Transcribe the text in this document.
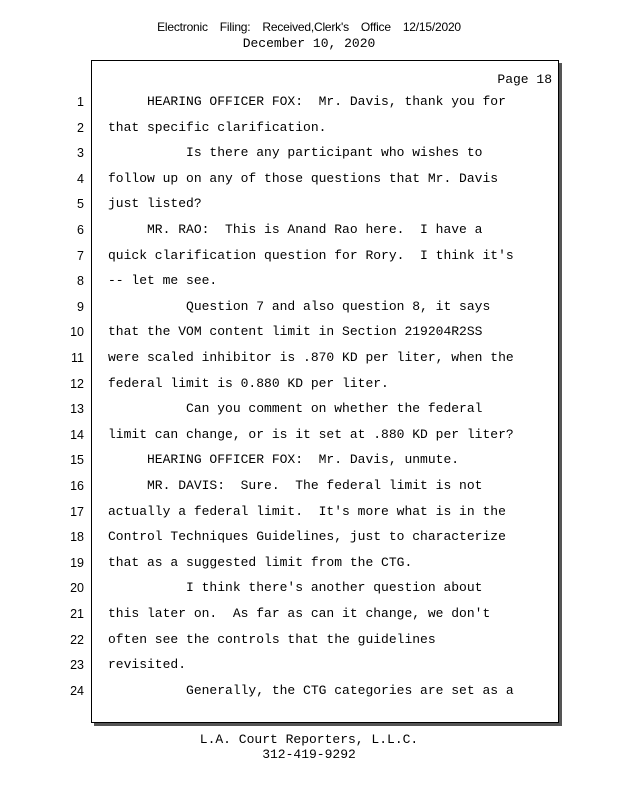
Electronic Filing: Received,Clerk's Office 12/15/2020
December 10, 2020
Page 18
1 HEARING OFFICER FOX:  Mr. Davis, thank you for
2 that specific clarification.
3 Is there any participant who wishes to
4 follow up on any of those questions that Mr. Davis
5 just listed?
6 MR. RAO:  This is Anand Rao here.  I have a
7 quick clarification question for Rory.  I think it's
8 -- let me see.
9 Question 7 and also question 8, it says
10 that the VOM content limit in Section 219204R2SS
11 were scaled inhibitor is .870 KD per liter, when the
12 federal limit is 0.880 KD per liter.
13 Can you comment on whether the federal
14 limit can change, or is it set at .880 KD per liter?
15 HEARING OFFICER FOX:  Mr. Davis, unmute.
16 MR. DAVIS:  Sure.  The federal limit is not
17 actually a federal limit.  It's more what is in the
18 Control Techniques Guidelines, just to characterize
19 that as a suggested limit from the CTG.
20 I think there's another question about
21 this later on.  As far as can it change, we don't
22 often see the controls that the guidelines
23 revisited.
24 Generally, the CTG categories are set as a
L.A. Court Reporters, L.L.C.
312-419-9292
